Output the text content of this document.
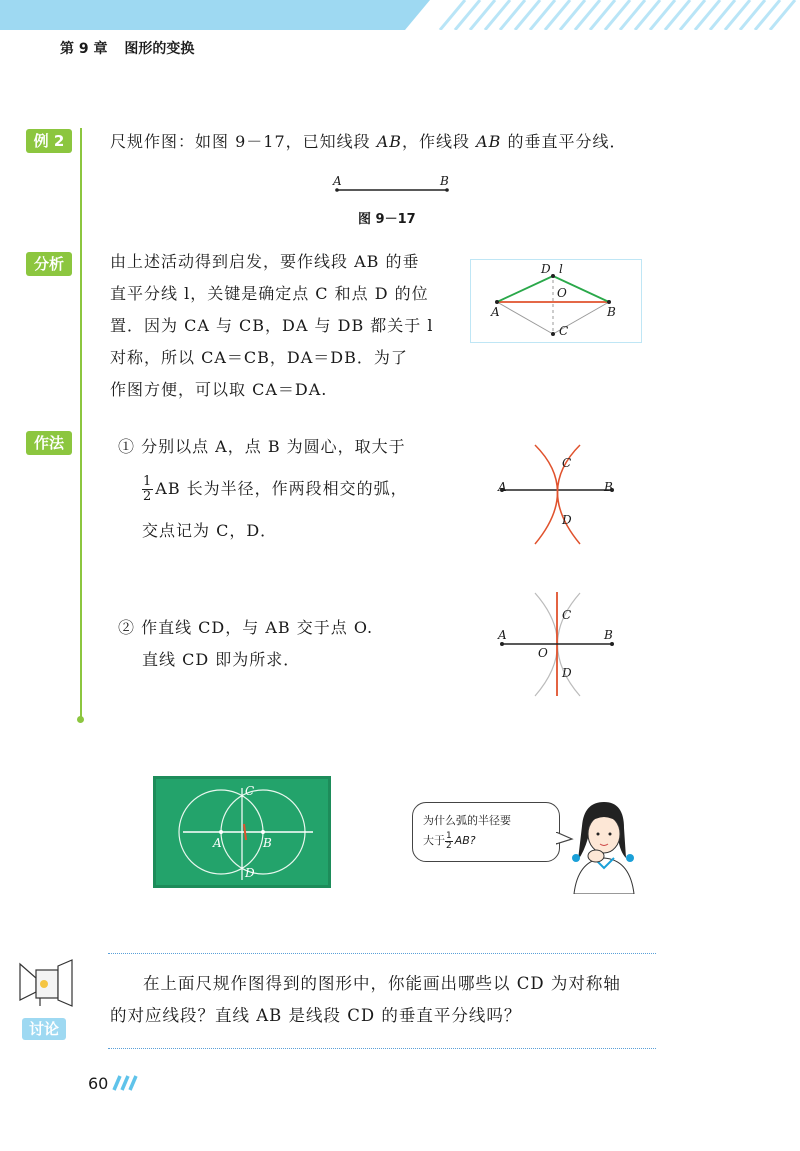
第 9 章 图形的变换
例 2	尺规作图：如图 9－17，已知线段 AB，作线段 AB 的垂直平分线．
A	B
图 9－17
分析	由上述活动得到启发，要作线段 AB 的垂
直平分线 l，关键是确定点 C 和点 D 的位
置．因为 CA 与 CB，DA 与 DB 都关于 l
对称，所以 CA＝CB，DA＝DB．为了
作图方便，可以取 CA＝DA.
D l
O
A	B
C
作法	① 分别以点 A，点 B 为圆心，取大于
$\frac{1}{2}$ AB 长为半径，作两段相交的弧，
交点记为 C，D．
A	B
C
D
② 作直线 CD，与 AB 交于点 O.
直线 CD 即为所求．
A	B
C
D
O
A	B
C
D
为什么弧的半径要
大于 $\frac{1}{2}$ AB?
讨论
在上面尺规作图得到的图形中，你能画出哪些以 CD 为对称轴
的对应线段？直线 AB 是线段 CD 的垂直平分线吗？
60
